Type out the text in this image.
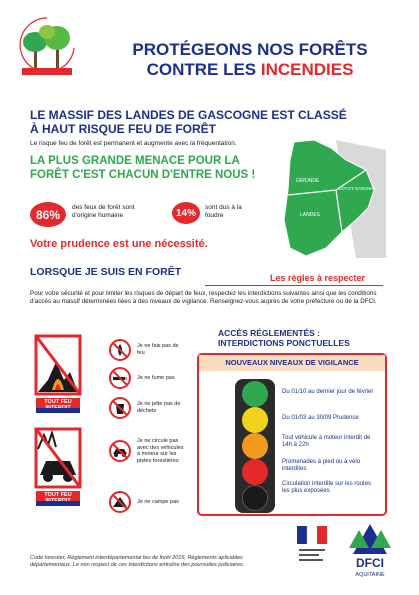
PROTÉGEONS NOS FORÊTS
CONTRE LES INCENDIES
LE MASSIF DES LANDES DE GASCOGNE EST CLASSÉ
À HAUT RISQUE FEU DE FORÊT
Le risque feu de forêt est permanent et augmente avec la fréquentation.
LA PLUS GRANDE MENACE POUR LA
FORÊT C'EST CHACUN D'ENTRE NOUS !	GIRONDE
LOT-ET-GARONNE
LANDES
86%	des feux de forêt sont d'origine humaine	14%	sont dus à la foudre
Votre prudence est une nécessité.
LORSQUE JE SUIS EN FORÊT	Les règles à respecter
Pour votre sécurité et pour limiter les risques de départ de feux, respectez les interdictions suivantes ainsi que les conditions d'accès au massif déterminées liées à des niveaux de vigilance. Renseignez-vous auprès de votre préfecture ou de la DFCI.
TOUT FEU
TOUT FEU
Je ne fais pas de feu
Je ne fume pas
Je ne jette pas de déchets
Je ne circule pas avec des véhicules à moteur sur les pistes forestières
Je ne campe pas
ACCÈS RÉGLEMENTÉS :
INTERDICTIONS PONCTUELLES
NOUVEAUX NIVEAUX DE VIGILANCE
Du 01/10 au dernier jour de février
Du 01/03 au 30/09 Prudence
Tout véhicule à moteur interdit de 14h à 22h
Promenades à pied ou à vélo interdites
Circulation interdite sur les routes les plus exposées
Code forestier, Règlement interdépartemental feu de forêt 2016, Règlements aplicables départementaux. Le non respect de ces interdictions entraîne des poursuites judiciaires.	DFCI
AQUITAINE
